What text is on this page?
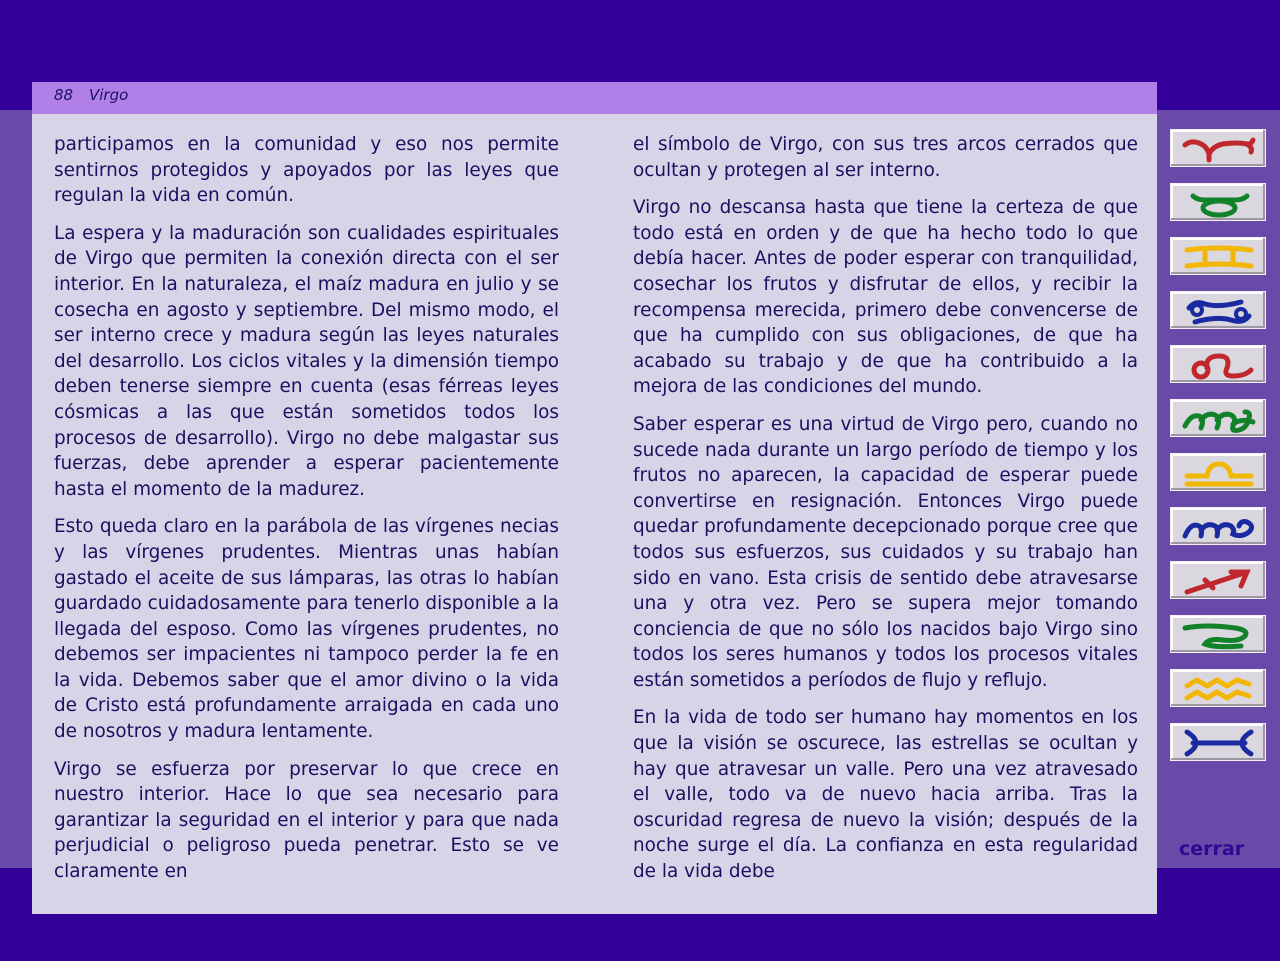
88 Virgo

participamos en la comunidad y eso nos permite sentirnos protegidos y apoyados por las leyes que regulan la vida en común.

La espera y la maduración son cualidades espirituales de Virgo que permiten la conexión directa con el ser interior. En la naturaleza, el maíz madura en julio y se cosecha en agosto y septiembre. Del mismo modo, el ser interno crece y madura según las leyes naturales del desarrollo. Los ciclos vitales y la dimensión tiempo deben tenerse siempre en cuenta (esas férreas leyes cósmicas a las que están sometidos todos los procesos de desarrollo). Virgo no debe malgastar sus fuerzas, debe aprender a esperar pacientemente hasta el momento de la madurez.

Esto queda claro en la parábola de las vírgenes necias y las vírgenes prudentes. Mientras unas habían gastado el aceite de sus lámparas, las otras lo habían guardado cuidadosamente para tenerlo disponible a la llegada del esposo. Como las vírgenes prudentes, no debemos ser impacientes ni tampoco perder la fe en la vida. Debemos saber que el amor divino o la vida de Cristo está profundamente arraigada en cada uno de nosotros y madura lentamente.

Virgo se esfuerza por preservar lo que crece en nuestro interior. Hace lo que sea necesario para garantizar la seguridad en el interior y para que nada perjudicial o peligroso pueda penetrar. Esto se ve claramente en

el símbolo de Virgo, con sus tres arcos cerrados que ocultan y protegen al ser interno.

Virgo no descansa hasta que tiene la certeza de que todo está en orden y de que ha hecho todo lo que debía hacer. Antes de poder esperar con tranquilidad, cosechar los frutos y disfrutar de ellos, y recibir la recompensa merecida, primero debe convencerse de que ha cumplido con sus obligaciones, de que ha acabado su trabajo y de que ha contribuido a la mejora de las condiciones del mundo.

Saber esperar es una virtud de Virgo pero, cuando no sucede nada durante un largo período de tiempo y los frutos no aparecen, la capacidad de esperar puede convertirse en resignación. Entonces Virgo puede quedar profundamente decepcionado porque cree que todos sus esfuerzos, sus cuidados y su trabajo han sido en vano. Esta crisis de sentido debe atravesarse una y otra vez. Pero se supera mejor tomando conciencia de que no sólo los nacidos bajo Virgo sino todos los seres humanos y todos los procesos vitales están sometidos a períodos de flujo y reflujo.

En la vida de todo ser humano hay momentos en los que la visión se oscurece, las estrellas se ocultan y hay que atravesar un valle. Pero una vez atravesado el valle, todo va de nuevo hacia arriba. Tras la oscuridad regresa de nuevo la visión; después de la noche surge el día. La confianza en esta regularidad de la vida debe

cerrar
